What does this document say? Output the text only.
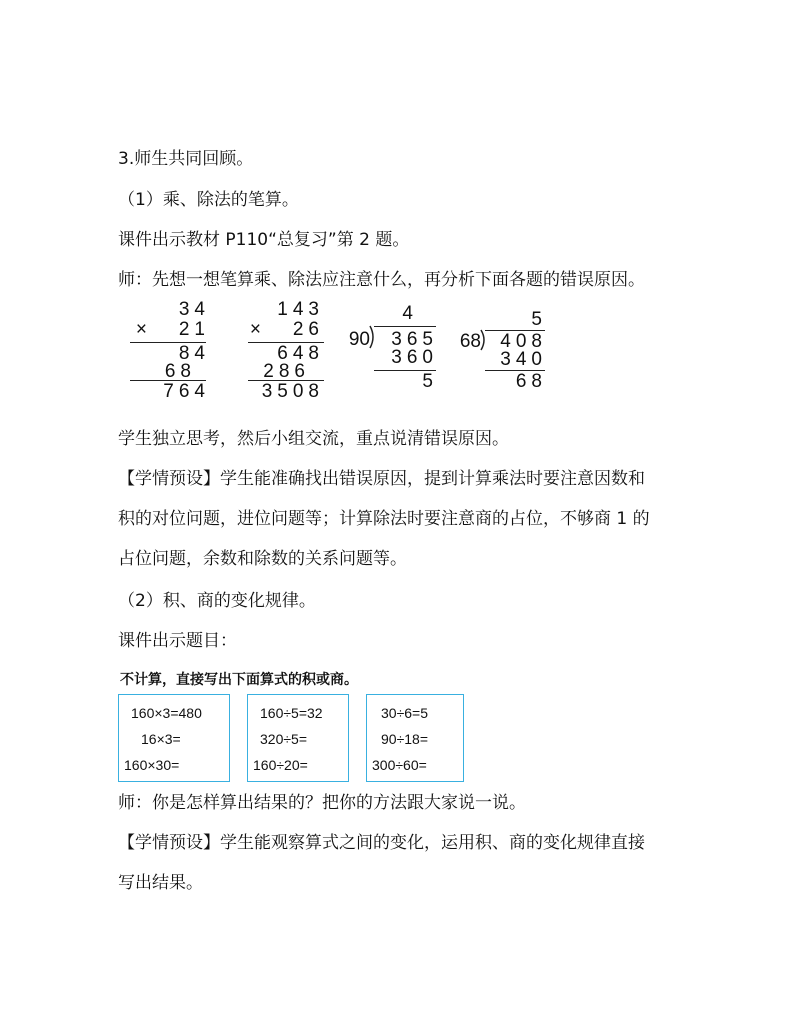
3.师生共同回顾。
（1）乘、除法的笔算。
课件出示教材 P110“总复习”第 2 题。
师：先想一想笔算乘、除法应注意什么，再分析下面各题的错误原因。
34
× 21
84
68
764
143
× 26
648
286
3508
4
90 365
360
5
5
68 408
340
68
学生独立思考，然后小组交流，重点说清错误原因。
【学情预设】学生能准确找出错误原因，提到计算乘法时要注意因数和
积的对位问题，进位问题等；计算除法时要注意商的占位，不够商 1 的
占位问题，余数和除数的关系问题等。
（2）积、商的变化规律。
课件出示题目：
不计算，直接写出下面算式的积或商。
160×3=480
16×3=
160×30=
160÷5=32
320÷5=
160÷20=
30÷6=5
90÷18=
300÷60=
师：你是怎样算出结果的？把你的方法跟大家说一说。
【学情预设】学生能观察算式之间的变化，运用积、商的变化规律直接
写出结果。
